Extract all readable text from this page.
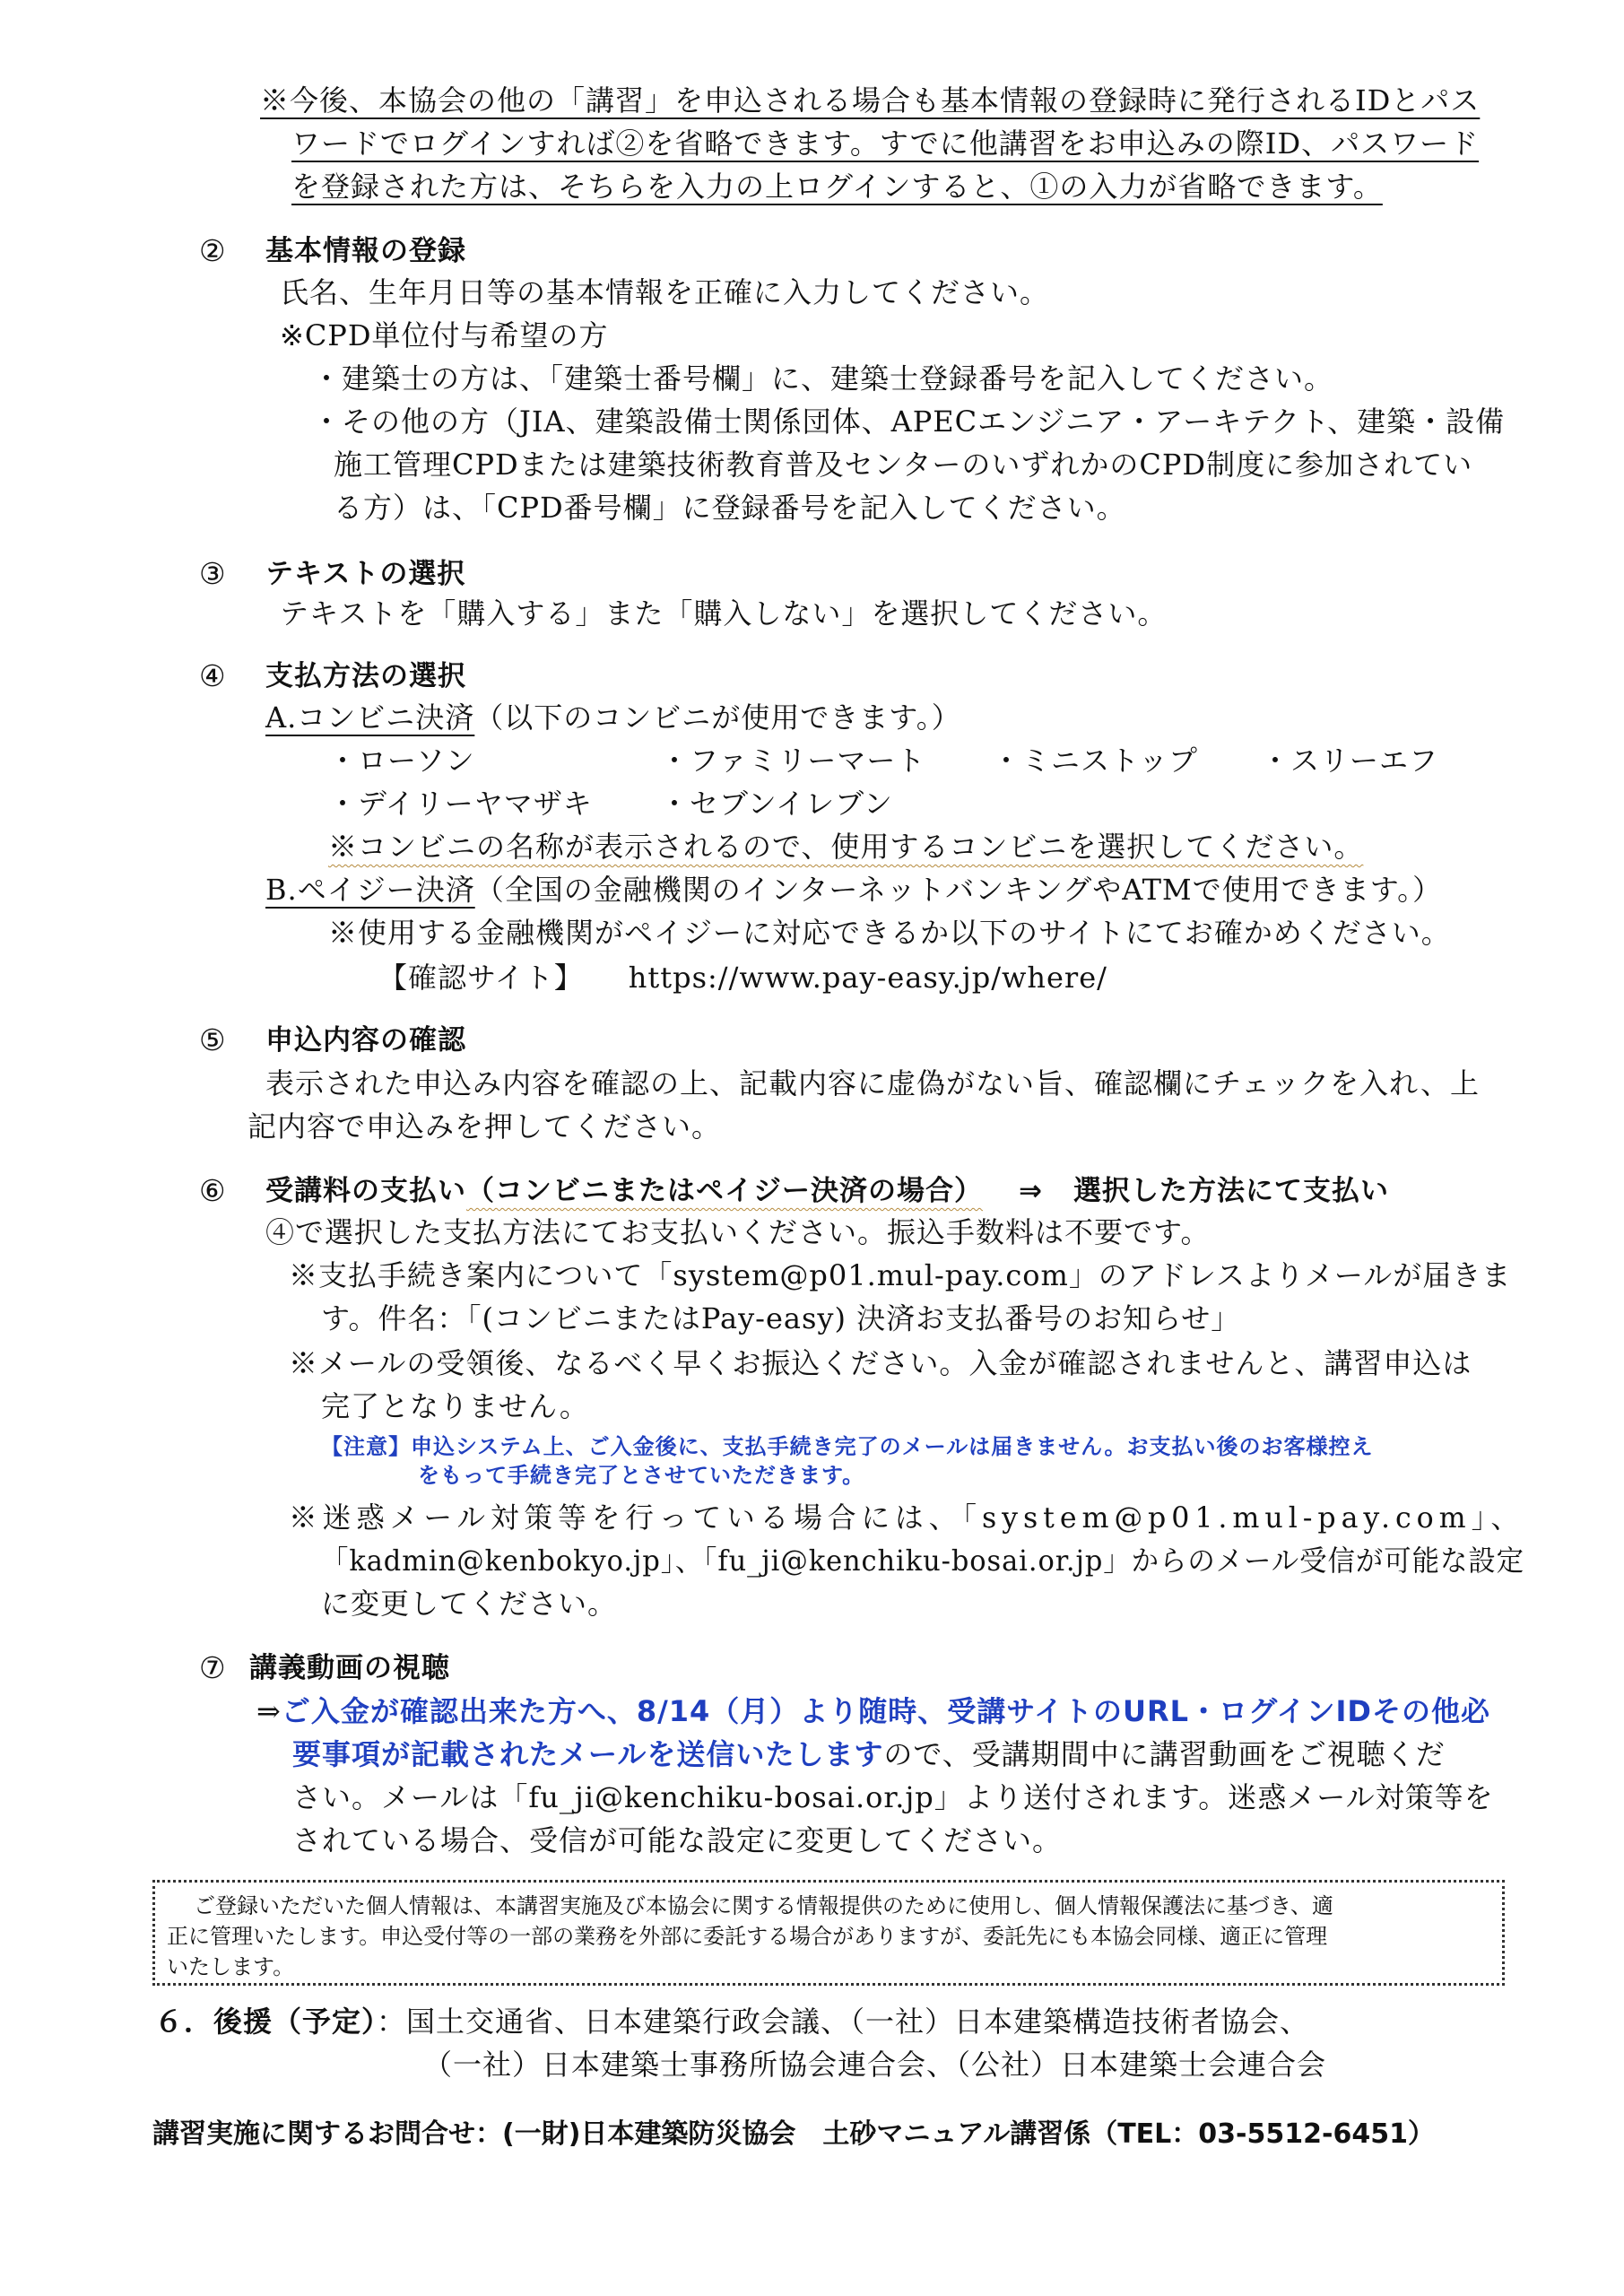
※今後、本協会の他の「講習」を申込される場合も基本情報の登録時に発行されるIDとパス
ワードでログインすれば②を省略できます。すでに他講習をお申込みの際ID、パスワード
を登録された方は、そちらを入力の上ログインすると、①の入力が省略できます。
② 基本情報の登録
氏名、生年月日等の基本情報を正確に入力してください。
※CPD単位付与希望の方
・建築士の方は、「建築士番号欄」に、建築士登録番号を記入してください。
・その他の方（JIA、建築設備士関係団体、APECエンジニア・アーキテクト、建築・設備
施工管理CPDまたは建築技術教育普及センターのいずれかのCPD制度に参加されてい
る方）は、「CPD番号欄」に登録番号を記入してください。
③ テキストの選択
テキストを「購入する」また「購入しない」を選択してください。
④ 支払方法の選択
A.コンビニ決済（以下のコンビニが使用できます。）
・ローソン	・ファミリーマート ・ミニストップ ・スリーエフ
・デイリーヤマザキ ・セブンイレブン
※コンビニの名称が表示されるので、使用するコンビニを選択してください。
B.ペイジー決済（全国の金融機関のインターネットバンキングやATMで使用できます。）
※使用する金融機関がペイジーに対応できるか以下のサイトにてお確かめください。
【確認サイト】 https://www.pay-easy.jp/where/
⑤ 申込内容の確認
表示された申込み内容を確認の上、記載内容に虚偽がない旨、確認欄にチェックを入れ、上
記内容で申込みを押してください。
⑥ 受講料の支払い（コンビニまたはペイジー決済の場合） ⇒ 選択した方法にて支払い
④で選択した支払方法にてお支払いください。振込手数料は不要です。
※支払手続き案内について「system@p01.mul-pay.com」のアドレスよりメールが届きま
す。件名：「(コンビニまたはPay-easy) 決済お支払番号のお知らせ」
※メールの受領後、なるべく早くお振込ください。入金が確認されませんと、講習申込は
完了となりません。
【注意】申込システム上、ご入金後に、支払手続き完了のメールは届きません。お支払い後のお客様控え
をもって手続き完了とさせていただきます。
※迷惑メール対策等を行っている場合には、「system@p01.mul-pay.com」、
「kadmin@kenbokyo.jp」、「fu_ji@kenchiku-bosai.or.jp」からのメール受信が可能な設定
に変更してください。
⑦ 講義動画の視聴
⇒ご入金が確認出来た方へ、8/14（月）より随時、受講サイトのURL・ログインIDその他必
要事項が記載されたメールを送信いたしますので、受講期間中に講習動画をご視聴くだ
さい。メールは「fu_ji@kenchiku-bosai.or.jp」より送付されます。迷惑メール対策等を
されている場合、受信が可能な設定に変更してください。
ご登録いただいた個人情報は、本講習実施及び本協会に関する情報提供のために使用し、個人情報保護法に基づき、適
正に管理いたします。申込受付等の一部の業務を外部に委託する場合がありますが、委託先にも本協会同様、適正に管理
いたします。
６．後援（予定）：国土交通省、日本建築行政会議、（一社）日本建築構造技術者協会、
（一社）日本建築士事務所協会連合会、（公社）日本建築士会連合会
講習実施に関するお問合せ：(一財)日本建築防災協会　土砂マニュアル講習係（TEL：03-5512-6451）
